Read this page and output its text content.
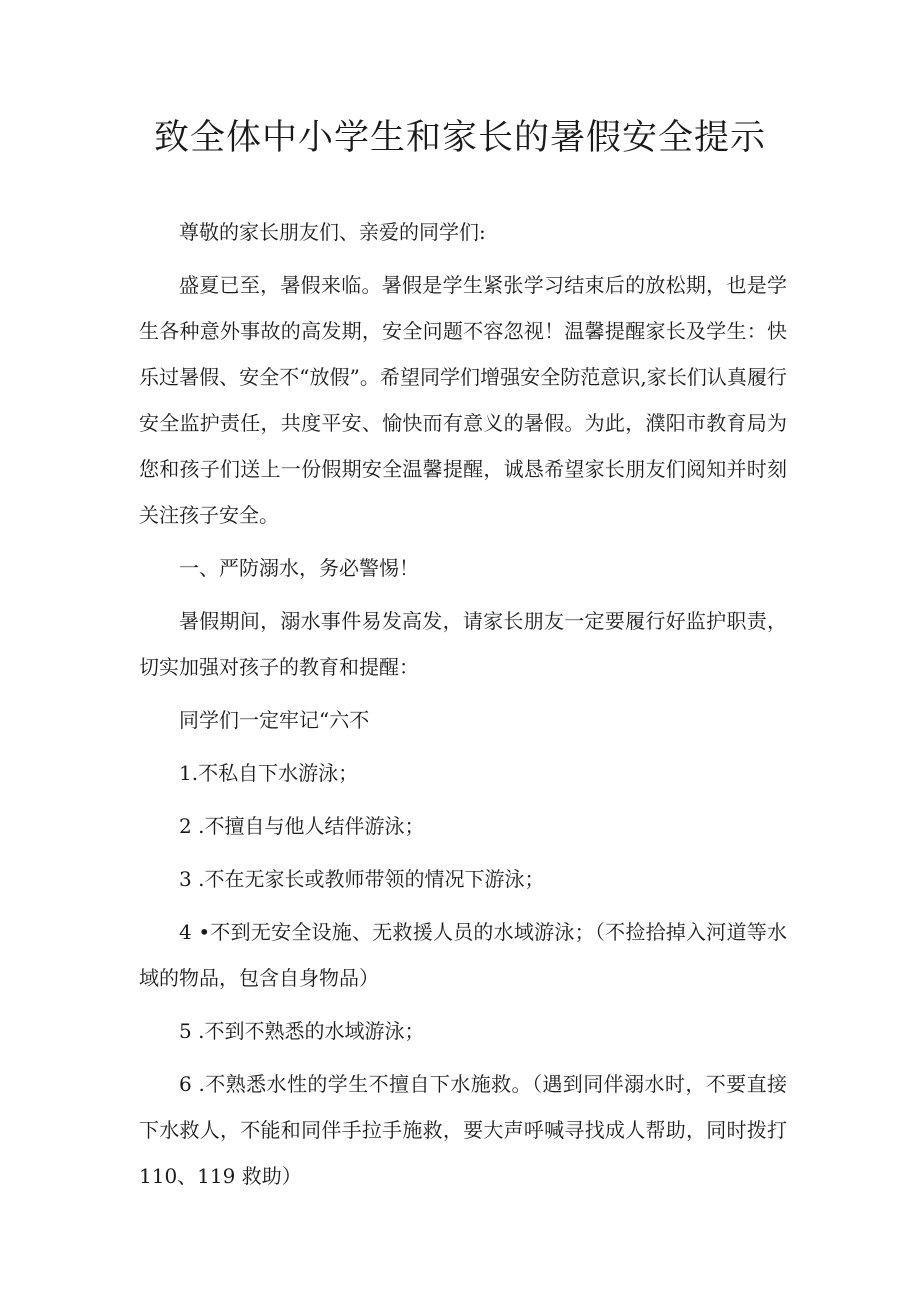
致全体中小学生和家长的暑假安全提示

尊敬的家长朋友们、亲爱的同学们:

盛夏已至，暑假来临。暑假是学生紧张学习结束后的放松期，也是学生各种意外事故的高发期，安全问题不容忽视！温馨提醒家长及学生：快乐过暑假、安全不“放假”。希望同学们增强安全防范意识,家长们认真履行安全监护责任，共度平安、愉快而有意义的暑假。为此，濮阳市教育局为您和孩子们送上一份假期安全温馨提醒，诚恳希望家长朋友们阅知并时刻关注孩子安全。

一、严防溺水，务必警惕！

暑假期间，溺水事件易发高发，请家长朋友一定要履行好监护职责，切实加强对孩子的教育和提醒：

同学们一定牢记“六不

1.不私自下水游泳；

2 .不擅自与他人结伴游泳；

3 .不在无家长或教师带领的情况下游泳；

4 •不到无安全设施、无救援人员的水域游泳；（不捡拾掉入河道等水域的物品，包含自身物品）

5 .不到不熟悉的水域游泳；

6 .不熟悉水性的学生不擅自下水施救。（遇到同伴溺水时，不要直接下水救人，不能和同伴手拉手施救，要大声呼喊寻找成人帮助，同时拨打 110、119 救助）
